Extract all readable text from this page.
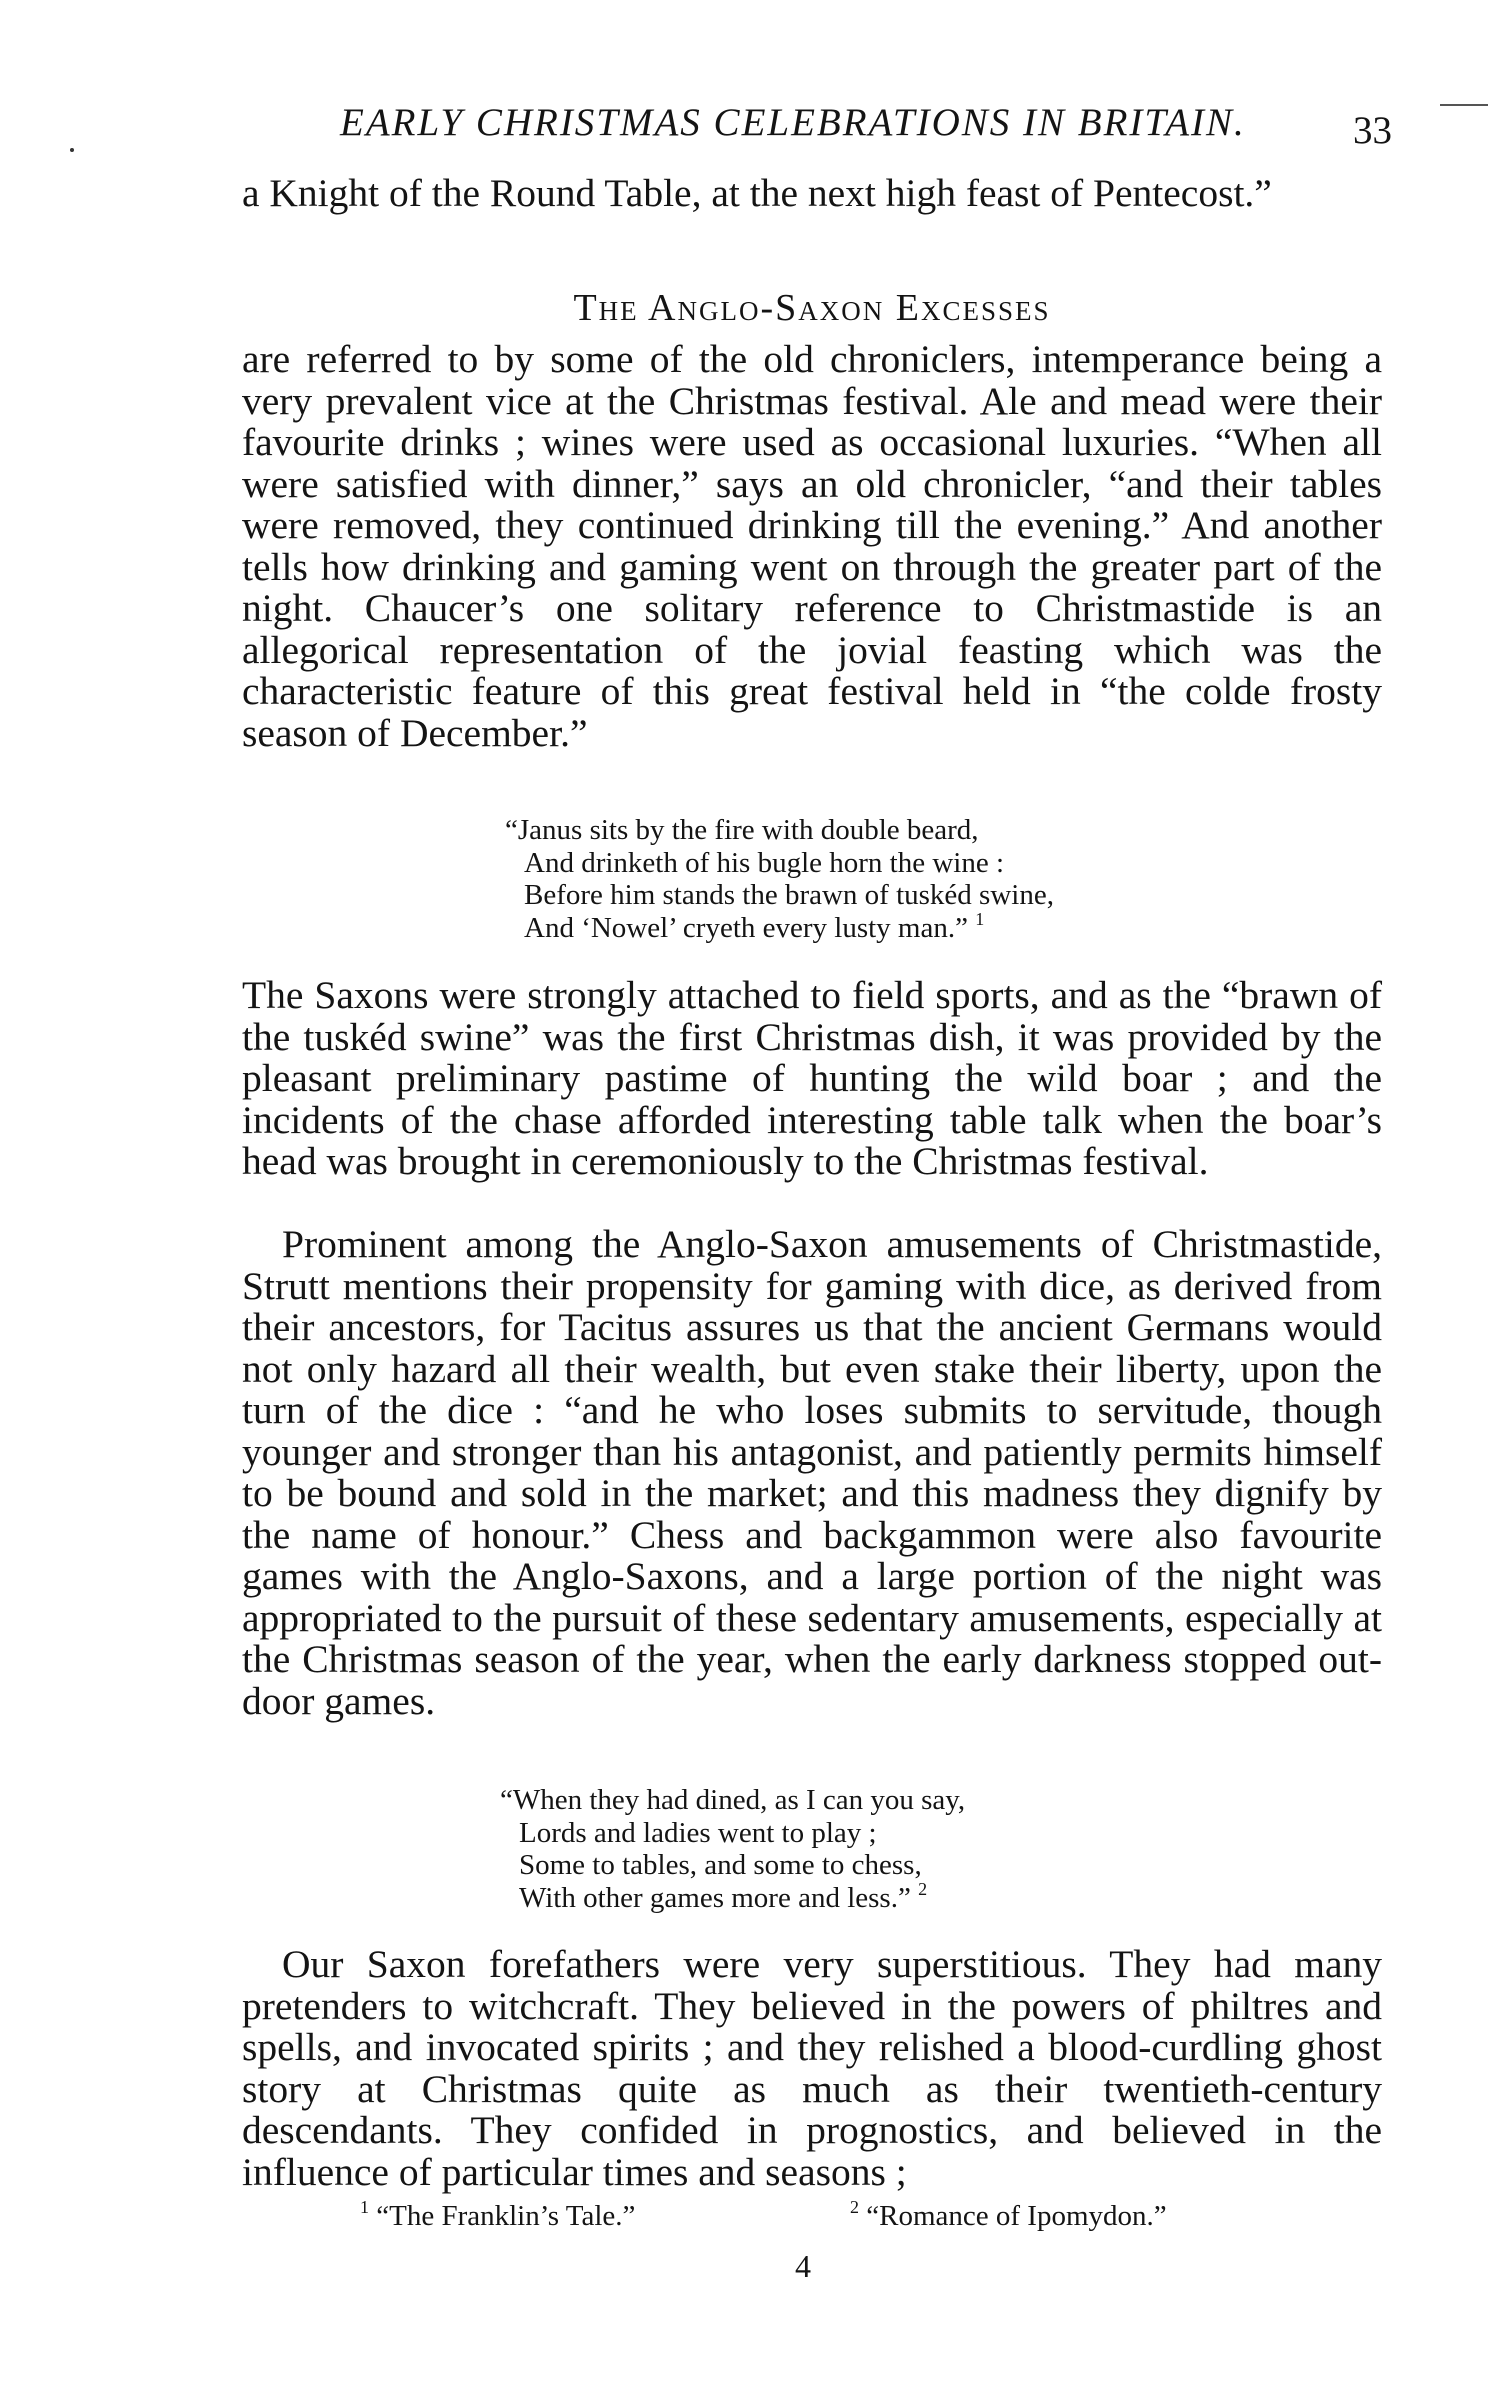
EARLY CHRISTMAS CELEBRATIONS IN BRITAIN.	33

a Knight of the Round Table, at the next high feast of Pentecost.”

The Anglo-Saxon Excesses

are referred to by some of the old chroniclers, intemperance being a very prevalent vice at the Christmas festival. Ale and mead were their favourite drinks ; wines were used as occasional luxuries. “When all were satisfied with dinner,” says an old chronicler, “and their tables were removed, they continued drinking till the evening.” And another tells how drinking and gaming went on through the greater part of the night. Chaucer’s one solitary reference to Christmastide is an allegorical representation of the jovial feasting which was the characteristic feature of this great festival held in “the colde frosty season of December.”

“Janus sits by the fire with double beard,
And drinketh of his bugle horn the wine :
Before him stands the brawn of tuskéd swine,
And ‘Nowel’ cryeth every lusty man.” $^1$

The Saxons were strongly attached to field sports, and as the “brawn of the tuskéd swine” was the first Christmas dish, it was provided by the pleasant preliminary pastime of hunting the wild boar ; and the incidents of the chase afforded interesting table talk when the boar’s head was brought in ceremoniously to the Christmas festival.

Prominent among the Anglo-Saxon amusements of Christmastide, Strutt mentions their propensity for gaming with dice, as derived from their ancestors, for Tacitus assures us that the ancient Germans would not only hazard all their wealth, but even stake their liberty, upon the turn of the dice : “and he who loses submits to servitude, though younger and stronger than his antagonist, and patiently permits himself to be bound and sold in the market; and this madness they dignify by the name of honour.” Chess and backgammon were also favourite games with the Anglo-Saxons, and a large portion of the night was appropriated to the pursuit of these sedentary amusements, especially at the Christmas season of the year, when the early darkness stopped out-door games.

“When they had dined, as I can you say,
Lords and ladies went to play ;
Some to tables, and some to chess,
With other games more and less.” $^2$

Our Saxon forefathers were very superstitious. They had many pretenders to witchcraft. They believed in the powers of philtres and spells, and invocated spirits ; and they relished a blood-curdling ghost story at Christmas quite as much as their twentieth-century descendants. They confided in prognostics, and believed in the influence of particular times and seasons ;

$^1$ “The Franklin’s Tale.”	$^2$ “Romance of Ipomydon.”
4
